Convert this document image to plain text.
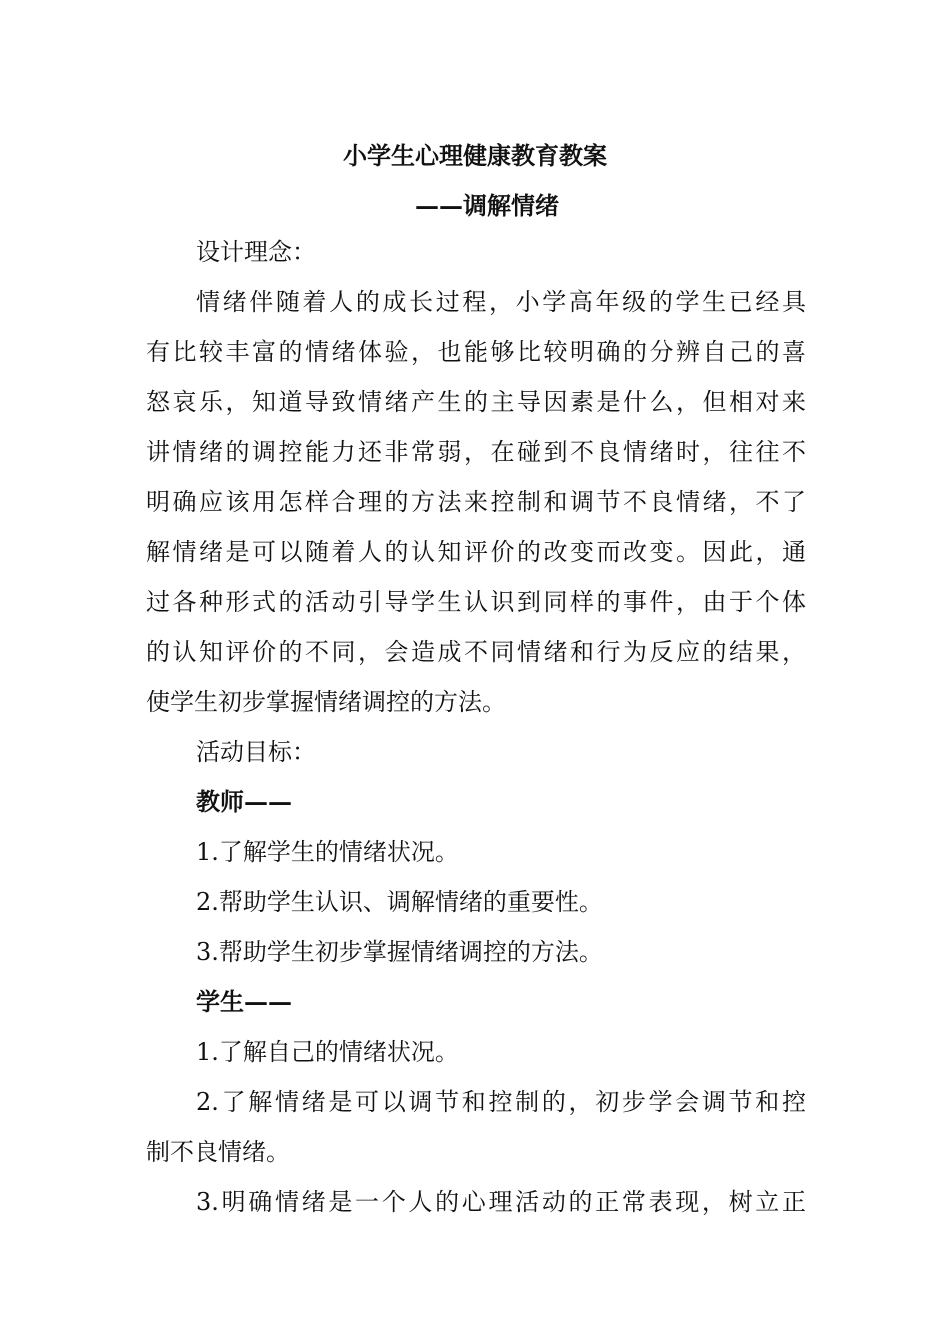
小学生心理健康教育教案
——调解情绪
设计理念：
情绪伴随着人的成长过程，小学高年级的学生已经具
有比较丰富的情绪体验，也能够比较明确的分辨自己的喜
怒哀乐，知道导致情绪产生的主导因素是什么，但相对来
讲情绪的调控能力还非常弱，在碰到不良情绪时，往往不
明确应该用怎样合理的方法来控制和调节不良情绪，不了
解情绪是可以随着人的认知评价的改变而改变。因此，通
过各种形式的活动引导学生认识到同样的事件，由于个体
的认知评价的不同，会造成不同情绪和行为反应的结果，
使学生初步掌握情绪调控的方法。
活动目标：
教师——
1.了解学生的情绪状况。
2.帮助学生认识、调解情绪的重要性。
3.帮助学生初步掌握情绪调控的方法。
学生——
1.了解自己的情绪状况。
2.了解情绪是可以调节和控制的，初步学会调节和控
制不良情绪。
3.明确情绪是一个人的心理活动的正常表现，树立正
